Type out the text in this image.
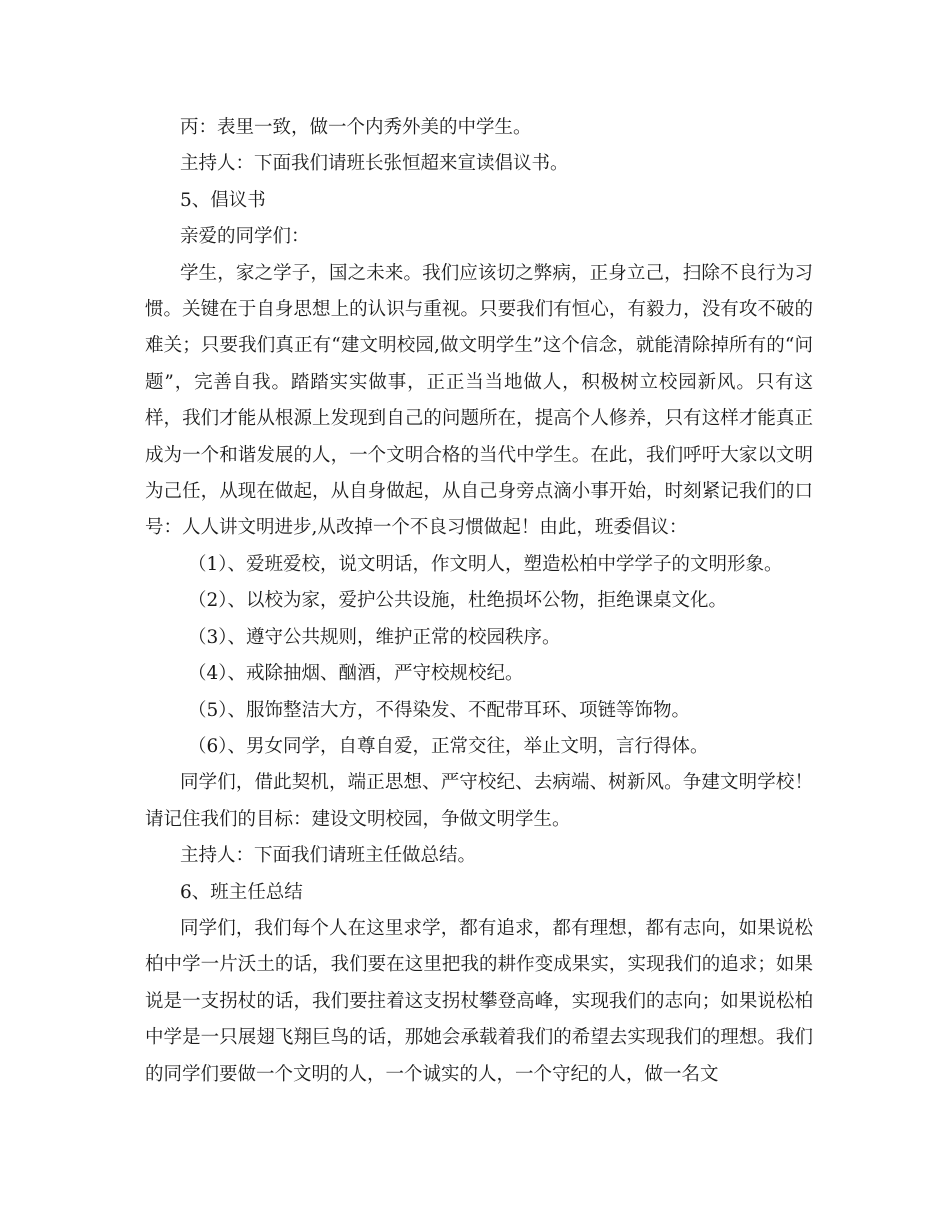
丙：表里一致，做一个内秀外美的中学生。

主持人：下面我们请班长张恒超来宣读倡议书。

5、倡议书

亲爱的同学们：

学生，家之学子，国之未来。我们应该切之弊病，正身立己，扫除不良行为习惯。关键在于自身思想上的认识与重视。只要我们有恒心，有毅力，没有攻不破的难关；只要我们真正有“建文明校园,做文明学生”这个信念，就能清除掉所有的“问题”，完善自我。踏踏实实做事，正正当当地做人，积极树立校园新风。只有这样，我们才能从根源上发现到自己的问题所在，提高个人修养，只有这样才能真正成为一个和谐发展的人，一个文明合格的当代中学生。在此，我们呼吁大家以文明为己任，从现在做起，从自身做起，从自己身旁点滴小事开始，时刻紧记我们的口号：人人讲文明进步,从改掉一个不良习惯做起！由此，班委倡议：

（1）、爱班爱校，说文明话，作文明人，塑造松柏中学学子的文明形象。

（2）、以校为家，爱护公共设施，杜绝损坏公物，拒绝课桌文化。

（3）、遵守公共规则，维护正常的校园秩序。

（4）、戒除抽烟、酗酒，严守校规校纪。

（5）、服饰整洁大方，不得染发、不配带耳环、项链等饰物。

（6）、男女同学，自尊自爱，正常交往，举止文明，言行得体。

同学们，借此契机，端正思想、严守校纪、去病端、树新风。争建文明学校！请记住我们的目标：建设文明校园，争做文明学生。

主持人：下面我们请班主任做总结。

6、班主任总结

同学们，我们每个人在这里求学，都有追求，都有理想，都有志向，如果说松柏中学一片沃土的话，我们要在这里把我的耕作变成果实，实现我们的追求；如果说是一支拐杖的话，我们要拄着这支拐杖攀登高峰，实现我们的志向；如果说松柏中学是一只展翅飞翔巨鸟的话，那她会承载着我们的希望去实现我们的理想。我们的同学们要做一个文明的人，一个诚实的人，一个守纪的人，做一名文
